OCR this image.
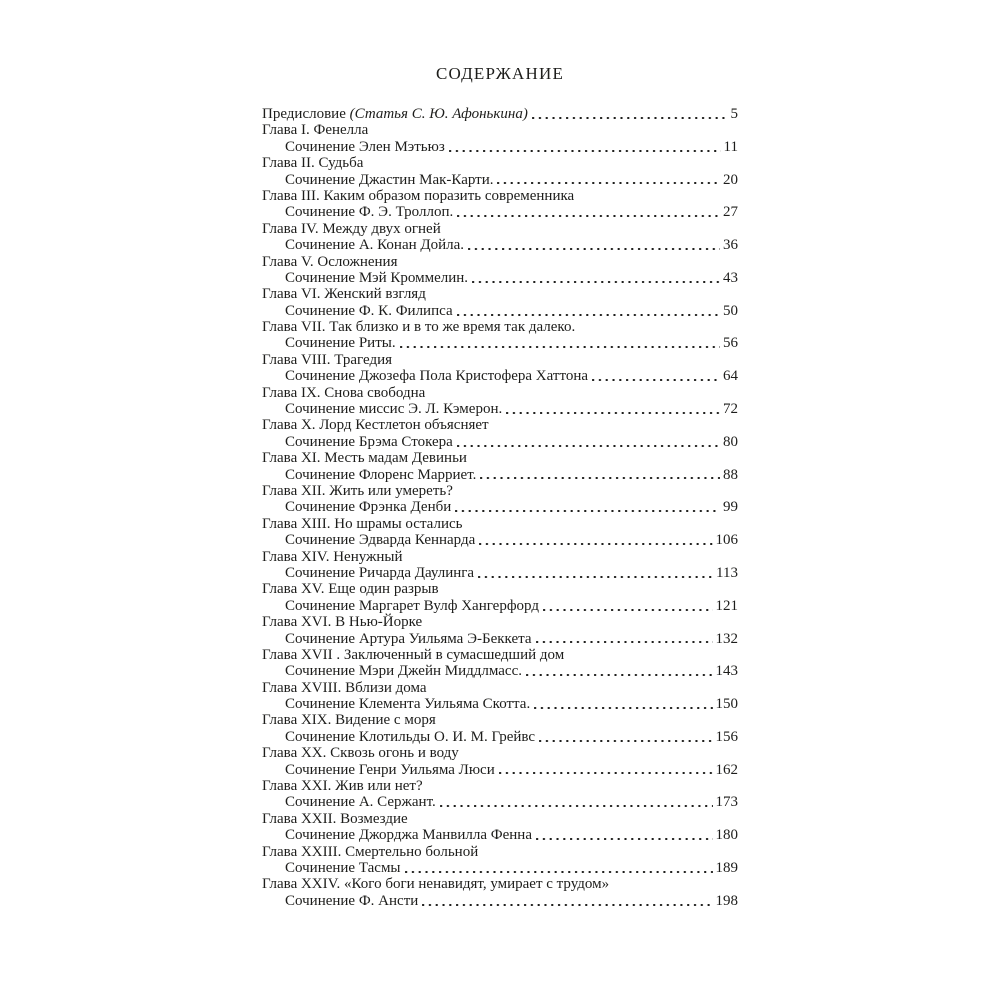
СОДЕРЖАНИЕ
Предисловие (Статья С. Ю. Афонькина)	5
Глава I. Фенелла
Сочинение Элен Мэтьюз	11
Глава II. Судьба
Сочинение Джастин Мак-Карти.	20
Глава III. Каким образом поразить современника
Сочинение Ф. Э. Троллоп.	27
Глава IV. Между двух огней
Сочинение А. Конан Дойла.	36
Глава V. Осложнения
Сочинение Мэй Кроммелин.	43
Глава VI. Женский взгляд
Сочинение Ф. К. Филипса	50
Глава VII. Так близко и в то же время так далеко.
Сочинение Риты.	56
Глава VIII. Трагедия
Сочинение Джозефа Пола Кристофера Хаттона	64
Глава IX. Снова свободна
Сочинение миссис Э. Л. Кэмерон.	72
Глава X. Лорд Кестлетон объясняет
Сочинение Брэма Стокера	80
Глава XI. Месть мадам Девиньи
Сочинение Флоренс Марриет.	88
Глава XII. Жить или умереть?
Сочинение Фрэнка Денби	99
Глава XIII. Но шрамы остались
Сочинение Эдварда Кеннарда	106
Глава XIV. Ненужный
Сочинение Ричарда Даулинга	113
Глава XV. Еще один разрыв
Сочинение Маргарет Вулф Хангерфорд	121
Глава XVI. В Нью-Йорке
Сочинение Артура Уильяма Э-Беккета	132
Глава XVII . Заключенный в сумасшедший дом
Сочинение Мэри Джейн Миддлмасс.	143
Глава XVIII. Вблизи дома
Сочинение Клемента Уильяма Скотта.	150
Глава XIX. Видение с моря
Сочинение Клотильды О. И. М. Грейвс	156
Глава XX. Сквозь огонь и воду
Сочинение Генри Уильяма Люси	162
Глава XXI. Жив или нет?
Сочинение А. Сержант.	173
Глава XXII. Возмездие
Сочинение Джорджа Манвилла Фенна	180
Глава XXIII. Смертельно больной
Сочинение Тасмы	189
Глава XXIV. «Кого боги ненавидят, умирает с трудом»
Сочинение Ф. Ансти	198
